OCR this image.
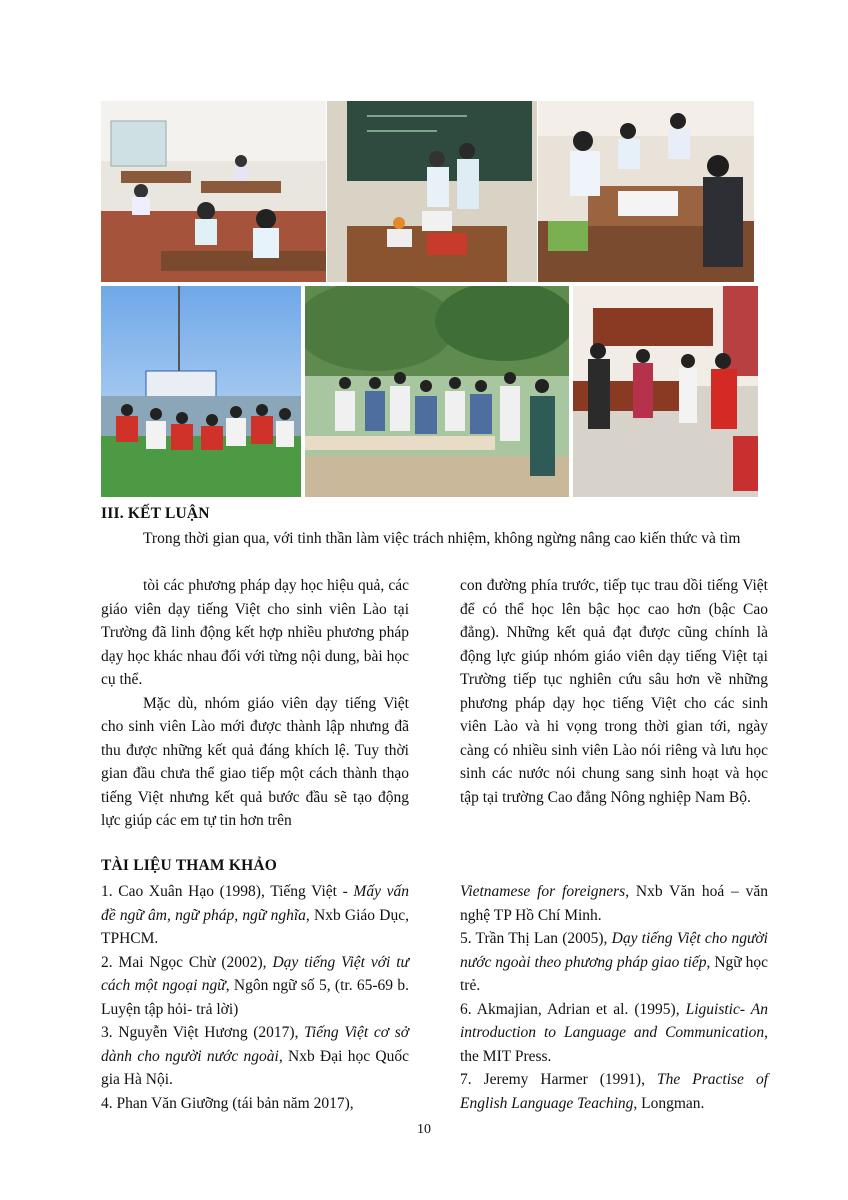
III. KẾT LUẬN
Trong thời gian qua, với tinh thần làm việc trách nhiệm, không ngừng nâng cao kiến thức và tìm

tòi các phương pháp dạy học hiệu quả, các giáo viên dạy tiếng Việt cho sinh viên Lào tại Trường đã linh động kết hợp nhiều phương pháp dạy học khác nhau đối với từng nội dung, bài học cụ thể.

Mặc dù, nhóm giáo viên dạy tiếng Việt cho sinh viên Lào mới được thành lập nhưng đã thu được những kết quả đáng khích lệ. Tuy thời gian đầu chưa thể giao tiếp một cách thành thạo tiếng Việt nhưng kết quả bước đầu sẽ tạo động lực giúp các em tự tin hơn trên

con đường phía trước, tiếp tục trau dồi tiếng Việt để có thể học lên bậc học cao hơn (bậc Cao đẳng). Những kết quả đạt được cũng chính là động lực giúp nhóm giáo viên dạy tiếng Việt tại Trường tiếp tục nghiên cứu sâu hơn về những phương pháp dạy học tiếng Việt cho các sinh viên Lào và hi vọng trong thời gian tới, ngày càng có nhiều sinh viên Lào nói riêng và lưu học sinh các nước nói chung sang sinh hoạt và học tập tại trường Cao đẳng Nông nghiệp Nam Bộ.

TÀI LIỆU THAM KHẢO

1. Cao Xuân Hạo (1998), Tiếng Việt - Mấy vấn đề ngữ âm, ngữ pháp, ngữ nghĩa, Nxb Giáo Dục, TPHCM.

2. Mai Ngọc Chừ (2002), Dạy tiếng Việt với tư cách một ngoại ngữ, Ngôn ngữ số 5, (tr. 65-69 b. Luyện tập hỏi- trả lời)

3. Nguyễn Việt Hương (2017), Tiếng Việt cơ sở dành cho người nước ngoài, Nxb Đại học Quốc gia Hà Nội.

4. Phan Văn Giưỡng (tái bản năm 2017),

Vietnamese for foreigners, Nxb Văn hoá – văn nghệ TP Hồ Chí Minh.

5. Trần Thị Lan (2005), Dạy tiếng Việt cho người nước ngoài theo phương pháp giao tiếp, Ngữ học trẻ.

6. Akmajian, Adrian et al. (1995), Liguistic- An introduction to Language and Communication, the MIT Press.

7. Jeremy Harmer (1991), The Practise of English Language Teaching, Longman.

10
